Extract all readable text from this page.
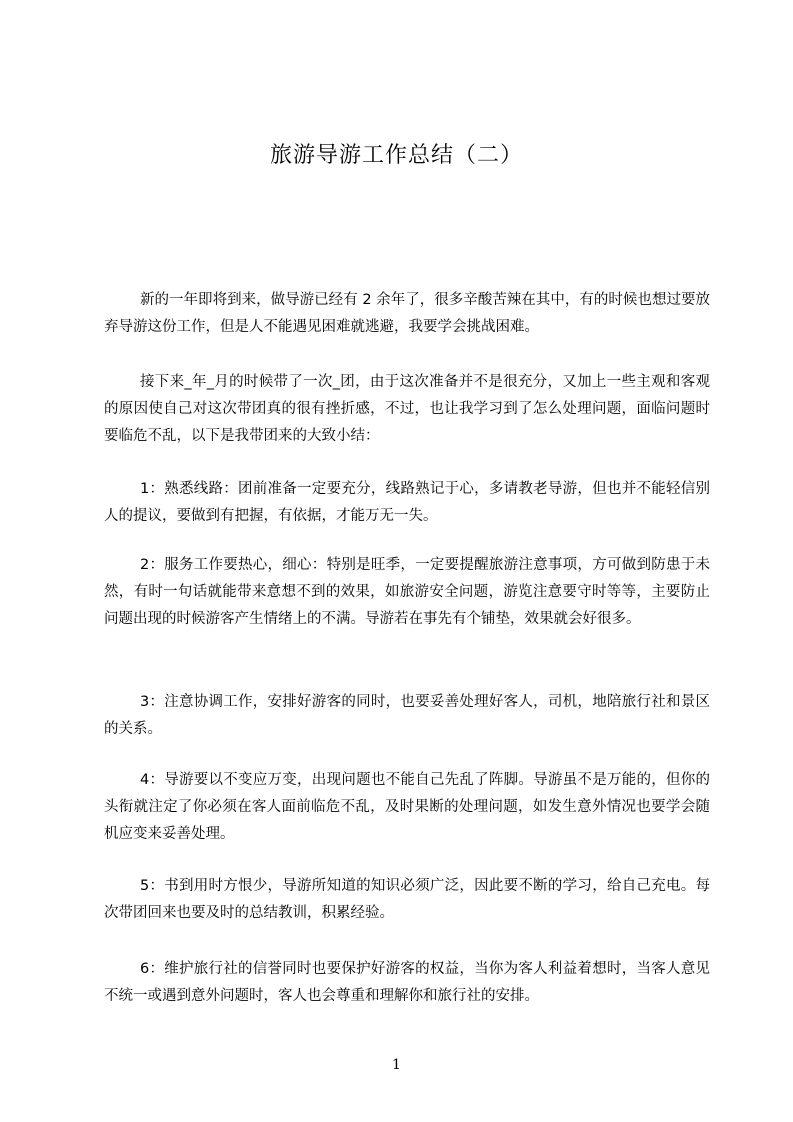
旅游导游工作总结（二）

新的一年即将到来，做导游已经有 2 余年了，很多辛酸苦辣在其中，有的时候也想过要放弃导游这份工作，但是人不能遇见困难就逃避，我要学会挑战困难。

接下来_年_月的时候带了一次_团，由于这次准备并不是很充分，又加上一些主观和客观的原因使自己对这次带团真的很有挫折感，不过，也让我学习到了怎么处理问题，面临问题时要临危不乱，以下是我带团来的大致小结：

1：熟悉线路：团前准备一定要充分，线路熟记于心，多请教老导游，但也并不能轻信别人的提议，要做到有把握，有依据，才能万无一失。

2：服务工作要热心，细心：特别是旺季，一定要提醒旅游注意事项，方可做到防患于未然，有时一句话就能带来意想不到的效果，如旅游安全问题，游览注意要守时等等，主要防止问题出现的时候游客产生情绪上的不满。导游若在事先有个铺垫，效果就会好很多。

3：注意协调工作，安排好游客的同时，也要妥善处理好客人，司机，地陪旅行社和景区的关系。

4：导游要以不变应万变，出现问题也不能自己先乱了阵脚。导游虽不是万能的，但你的头衔就注定了你必须在客人面前临危不乱，及时果断的处理问题，如发生意外情况也要学会随机应变来妥善处理。

5：书到用时方恨少，导游所知道的知识必须广泛，因此要不断的学习，给自己充电。每次带团回来也要及时的总结教训，积累经验。

6：维护旅行社的信誉同时也要保护好游客的权益，当你为客人利益着想时，当客人意见不统一或遇到意外问题时，客人也会尊重和理解你和旅行社的安排。

1
